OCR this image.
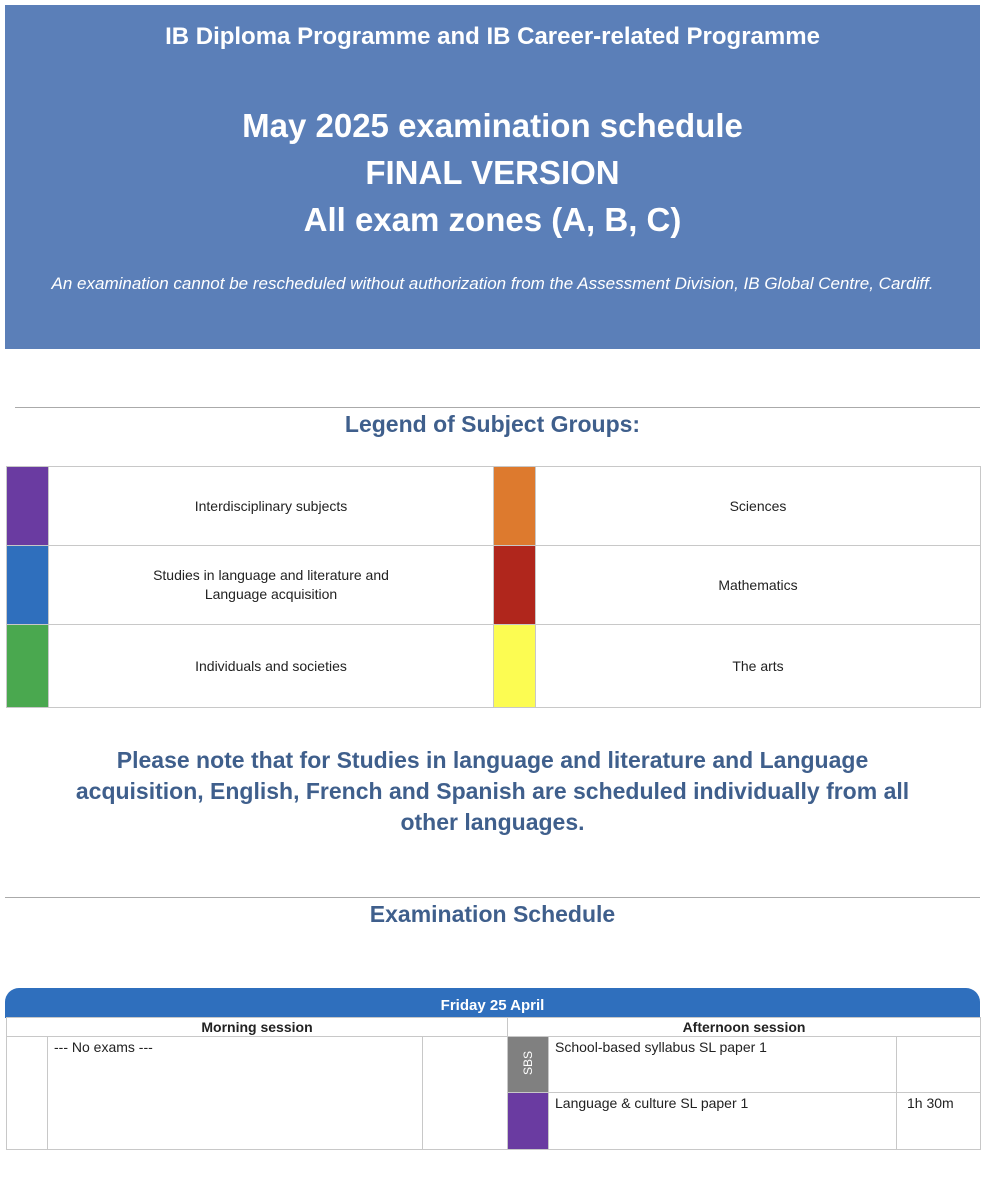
IB Diploma Programme and IB Career-related Programme
May 2025 examination schedule
FINAL VERSION
All exam zones (A, B, C)
An examination cannot be rescheduled without authorization from the Assessment Division, IB Global Centre, Cardiff.
Legend of Subject Groups:
	Interdisciplinary subjects		Sciences

	Studies in language and literature and Language acquisition		Mathematics
	Individuals and societies		The arts
Please note that for Studies in language and literature and Language acquisition, English, French and Spanish are scheduled individually from all other languages.
Examination Schedule
Friday 25 April
Morning session			Afternoon session		

	--- No exams ---		SBS	School-based syllabus SL paper 1	

				Language & culture SL paper 1	1h 30m
